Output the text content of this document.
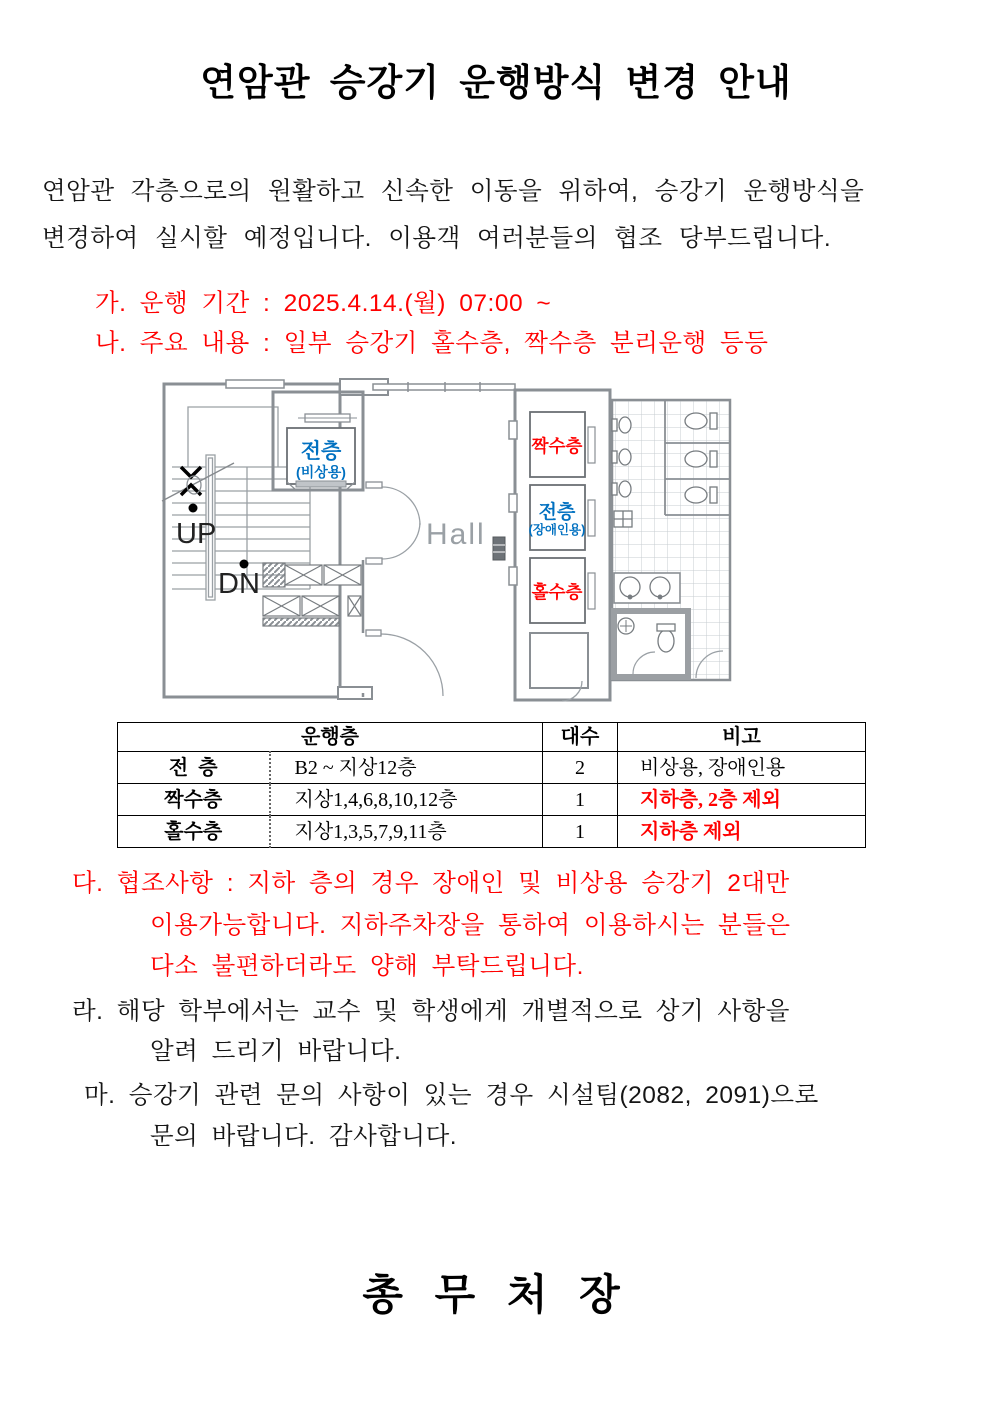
연암관 승강기 운행방식 변경 안내
연암관 각층으로의 원활하고 신속한 이동을 위하여, 승강기 운행방식을
변경하여 실시할 예정입니다. 이용객 여러분들의 협조 당부드립니다.
가. 운행 기간 : 2025.4.14.(월) 07:00 ~
나. 주요 내용 : 일부 승강기 홀수층, 짝수층 분리운행 등등
UP
DN
전층
(비상용)
Hall
짝수층
전층
(장애인용)
홀수층
운행층		대수	비고
전  층	B2 ~ 지상12층	2	비상용, 장애인용
짝수층	지상1,4,6,8,10,12층	1	지하층, 2층 제외
홀수층	지상1,3,5,7,9,11층	1	지하층 제외
다. 협조사항 : 지하 층의 경우 장애인 및 비상용 승강기 2대만
이용가능합니다. 지하주차장을 통하여 이용하시는 분들은
다소 불편하더라도 양해 부탁드립니다.
라. 해당 학부에서는 교수 및 학생에게 개별적으로 상기 사항을
알려 드리기 바랍니다.
마. 승강기 관련 문의 사항이 있는 경우 시설팀(2082, 2091)으로
문의 바랍니다. 감사합니다.
총 무 처 장
